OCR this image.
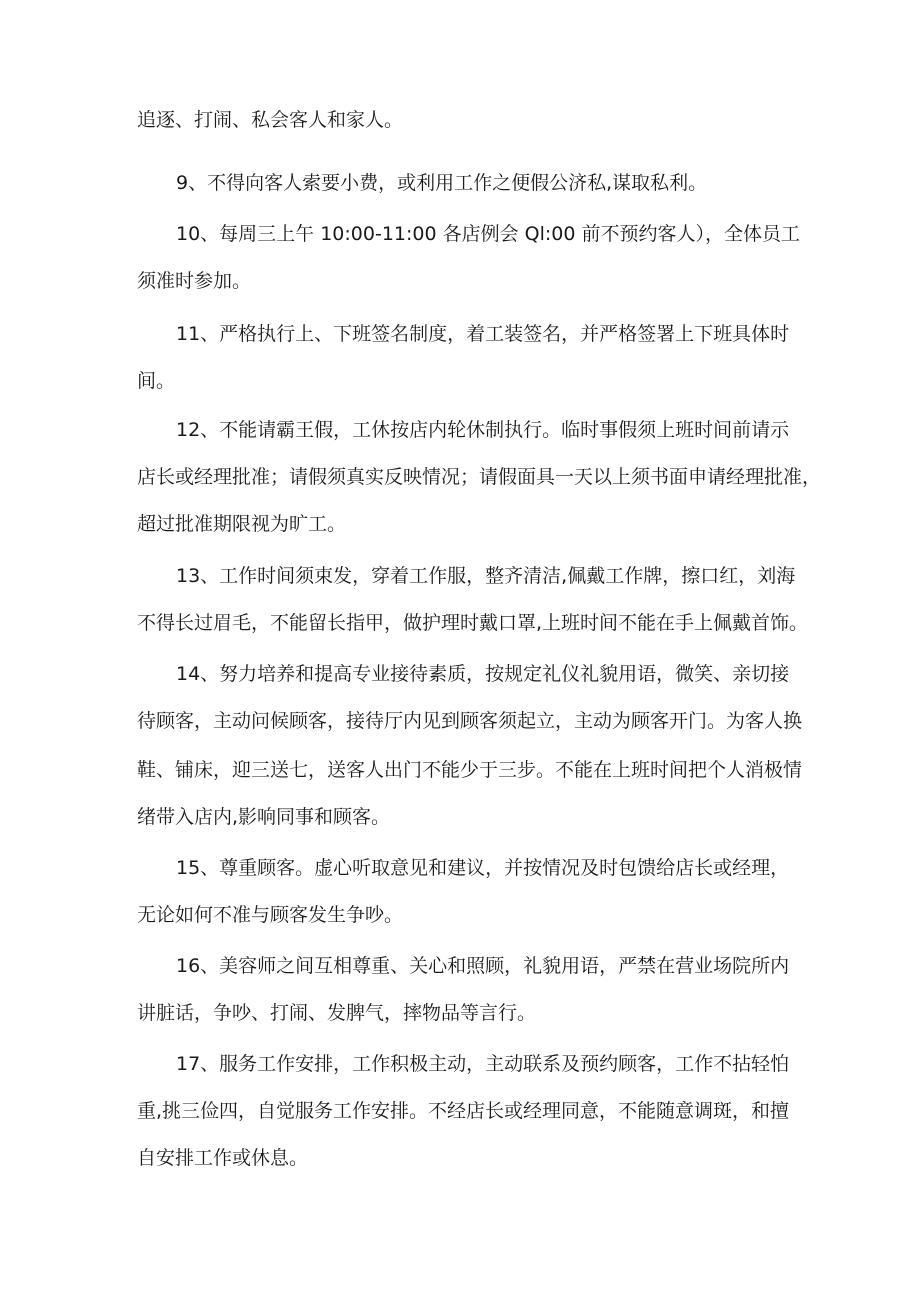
追逐、打闹、私会客人和家人。
9、不得向客人索要小费，或利用工作之便假公济私,谋取私利。
10、每周三上午 10:00-11:00 各店例会 Ql:00 前不预约客人），全体员工
须准时参加。
11、严格执行上、下班签名制度，着工装签名，并严格签署上下班具体时
间。
12、不能请霸王假，工休按店内轮休制执行。临时事假须上班时间前请示
店长或经理批准；请假须真实反映情况；请假面具一天以上须书面申请经理批准，
超过批准期限视为旷工。
13、工作时间须束发，穿着工作服，整齐清洁,佩戴工作牌，擦口红，刘海
不得长过眉毛，不能留长指甲，做护理时戴口罩,上班时间不能在手上佩戴首饰。
14、努力培养和提高专业接待素质，按规定礼仪礼貌用语，微笑、亲切接
待顾客，主动问候顾客，接待厅内见到顾客须起立，主动为顾客开门。为客人换
鞋、铺床，迎三送七，送客人出门不能少于三步。不能在上班时间把个人消极情
绪带入店内,影响同事和顾客。
15、尊重顾客。虚心听取意见和建议，并按情况及时包馈给店长或经理，
无论如何不准与顾客发生争吵。
16、美容师之间互相尊重、关心和照顾，礼貌用语，严禁在营业场院所内
讲脏话，争吵、打闹、发脾气，摔物品等言行。
17、服务工作安排，工作积极主动，主动联系及预约顾客，工作不拈轻怕
重,挑三俭四，自觉服务工作安排。不经店长或经理同意，不能随意调斑，和擅
自安排工作或休息。
